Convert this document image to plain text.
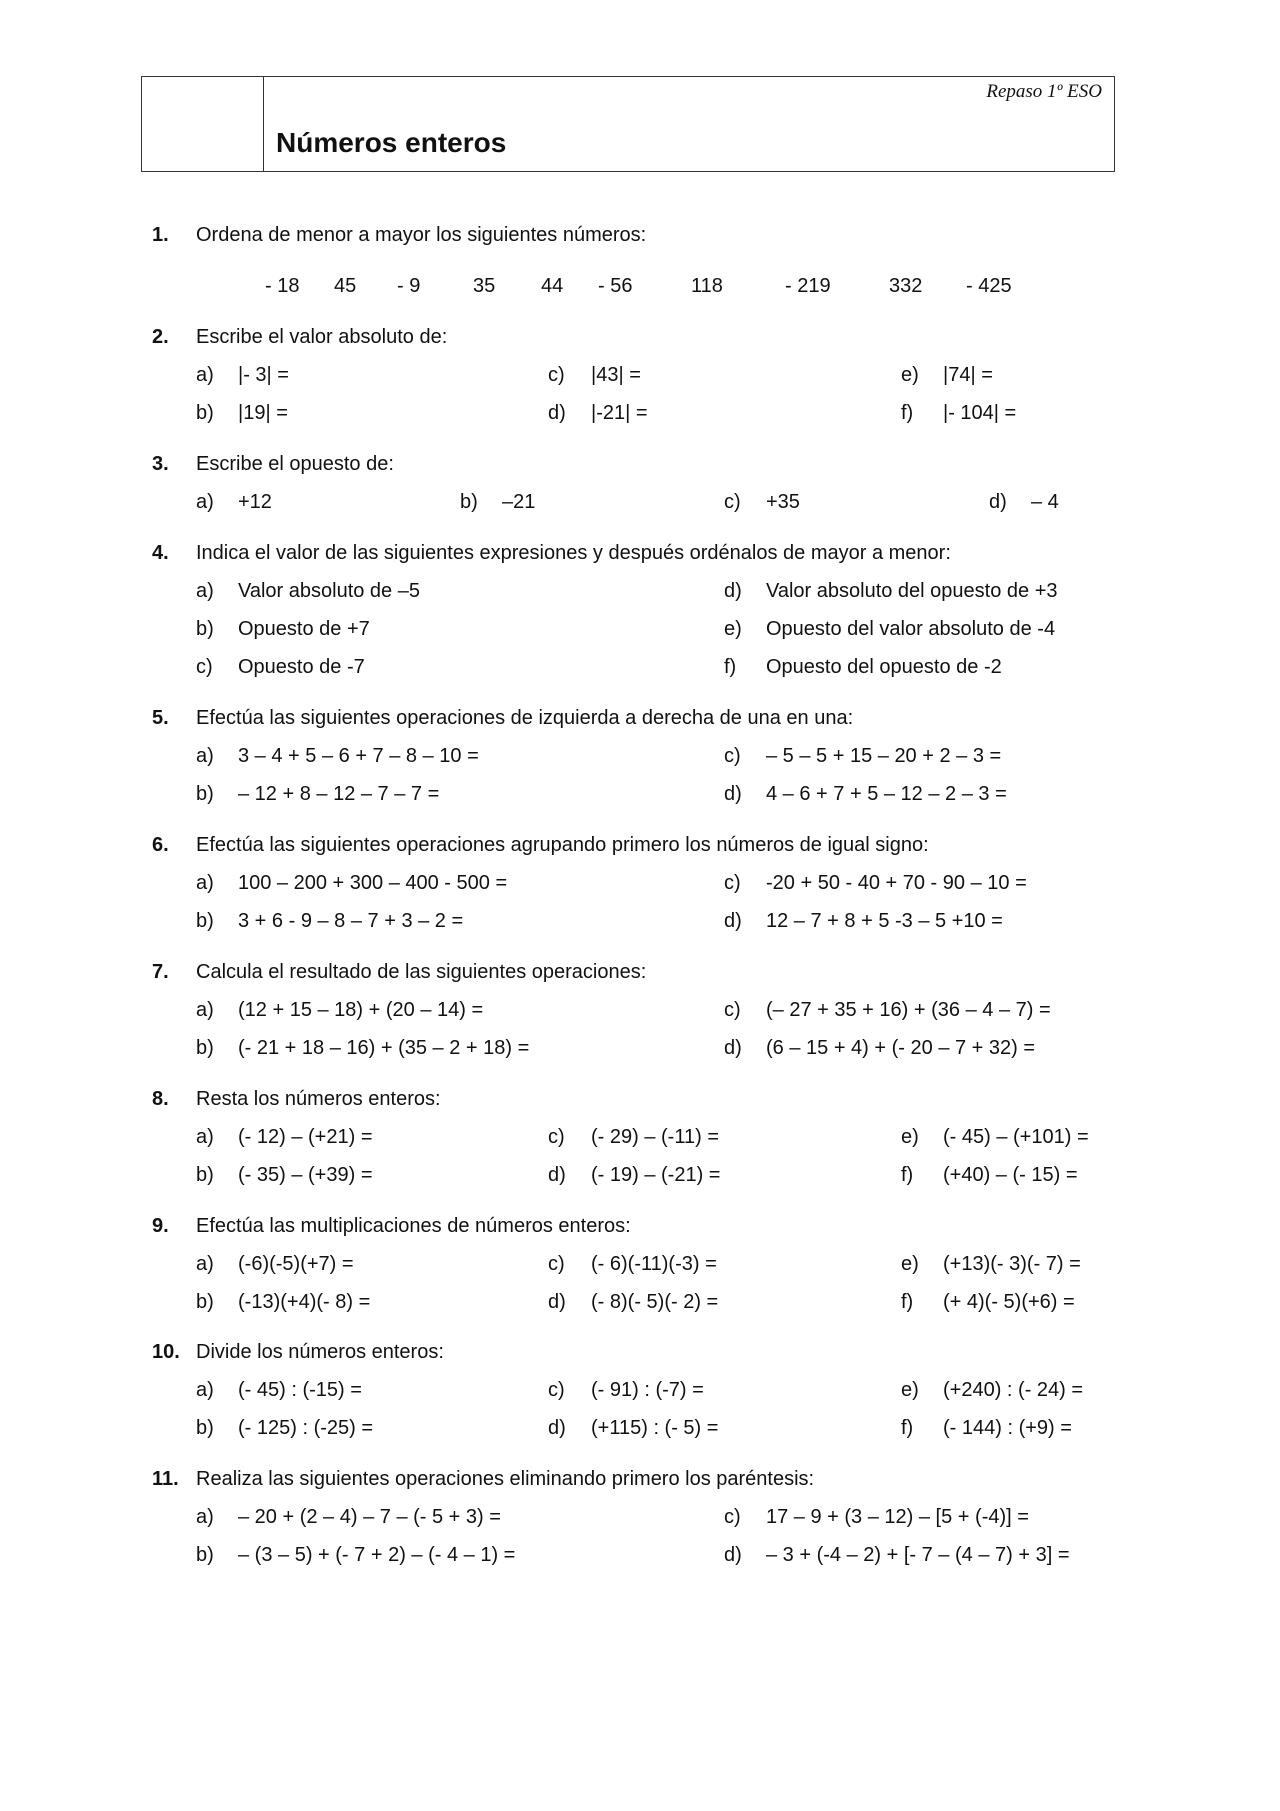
Repaso 1º ESO
Números enteros
1. Ordena de menor a mayor los siguientes números:
- 18 45 - 9	35 44 - 56	118	- 219	332 - 425
2. Escribe el valor absoluto de:
a) |- 3| =	c) |43| =	e) |74| =
b) |19| =	d) |-21| =	f) |- 104| =
3. Escribe el opuesto de:
a) +12	b) –21	c) +35	d) – 4
4. Indica el valor de las siguientes expresiones y después ordénalos de mayor a menor:
a) Valor absoluto de –5	d) Valor absoluto del opuesto de +3
b) Opuesto de +7	e) Opuesto del valor absoluto de -4
c) Opuesto de -7	f) Opuesto del opuesto de -2
5. Efectúa las siguientes operaciones de izquierda a derecha de una en una:
a) 3 – 4 + 5 – 6 + 7 – 8 – 10 =	c) – 5 – 5 + 15 – 20 + 2 – 3 =
b) – 12 + 8 – 12 – 7 – 7 =	d) 4 – 6 + 7 + 5 – 12 – 2 – 3 =
6. Efectúa las siguientes operaciones agrupando primero los números de igual signo:
a) 100 – 200 + 300 – 400 - 500 =	c) -20 + 50 - 40 + 70 - 90 – 10 =
b) 3 + 6 - 9 – 8 – 7 + 3 – 2 =	d) 12 – 7 + 8 + 5 -3 – 5 +10 =
7. Calcula el resultado de las siguientes operaciones:
a) (12 + 15 – 18) + (20 – 14) =	c) (– 27 + 35 + 16) + (36 – 4 – 7) =
b) (- 21 + 18 – 16) + (35 – 2 + 18) =	d) (6 – 15 + 4) + (- 20 – 7 + 32) =
8. Resta los números enteros:
a) (- 12) – (+21) =	c) (- 29) – (-11) =	e) (- 45) – (+101) =
b) (- 35) – (+39) =	d) (- 19) – (-21) =	f) (+40) – (- 15) =
9. Efectúa las multiplicaciones de números enteros:
a) (-6)(-5)(+7) =	c) (- 6)(-11)(-3) =	e) (+13)(- 3)(- 7) =
b) (-13)(+4)(- 8) =	d) (- 8)(- 5)(- 2) =	f) (+ 4)(- 5)(+6) =
10. Divide los números enteros:
a) (- 45) : (-15) =	c) (- 91) : (-7) =	e) (+240) : (- 24) =
b) (- 125) : (-25) =	d) (+115) : (- 5) =	f) (- 144) : (+9) =
11. Realiza las siguientes operaciones eliminando primero los paréntesis:
a) – 20 + (2 – 4) – 7 – (- 5 + 3) =	c) 17 – 9 + (3 – 12) – [5 + (-4)] =
b) – (3 – 5) + (- 7 + 2) – (- 4 – 1) =	d) – 3 + (-4 – 2) + [- 7 – (4 – 7) + 3] =
